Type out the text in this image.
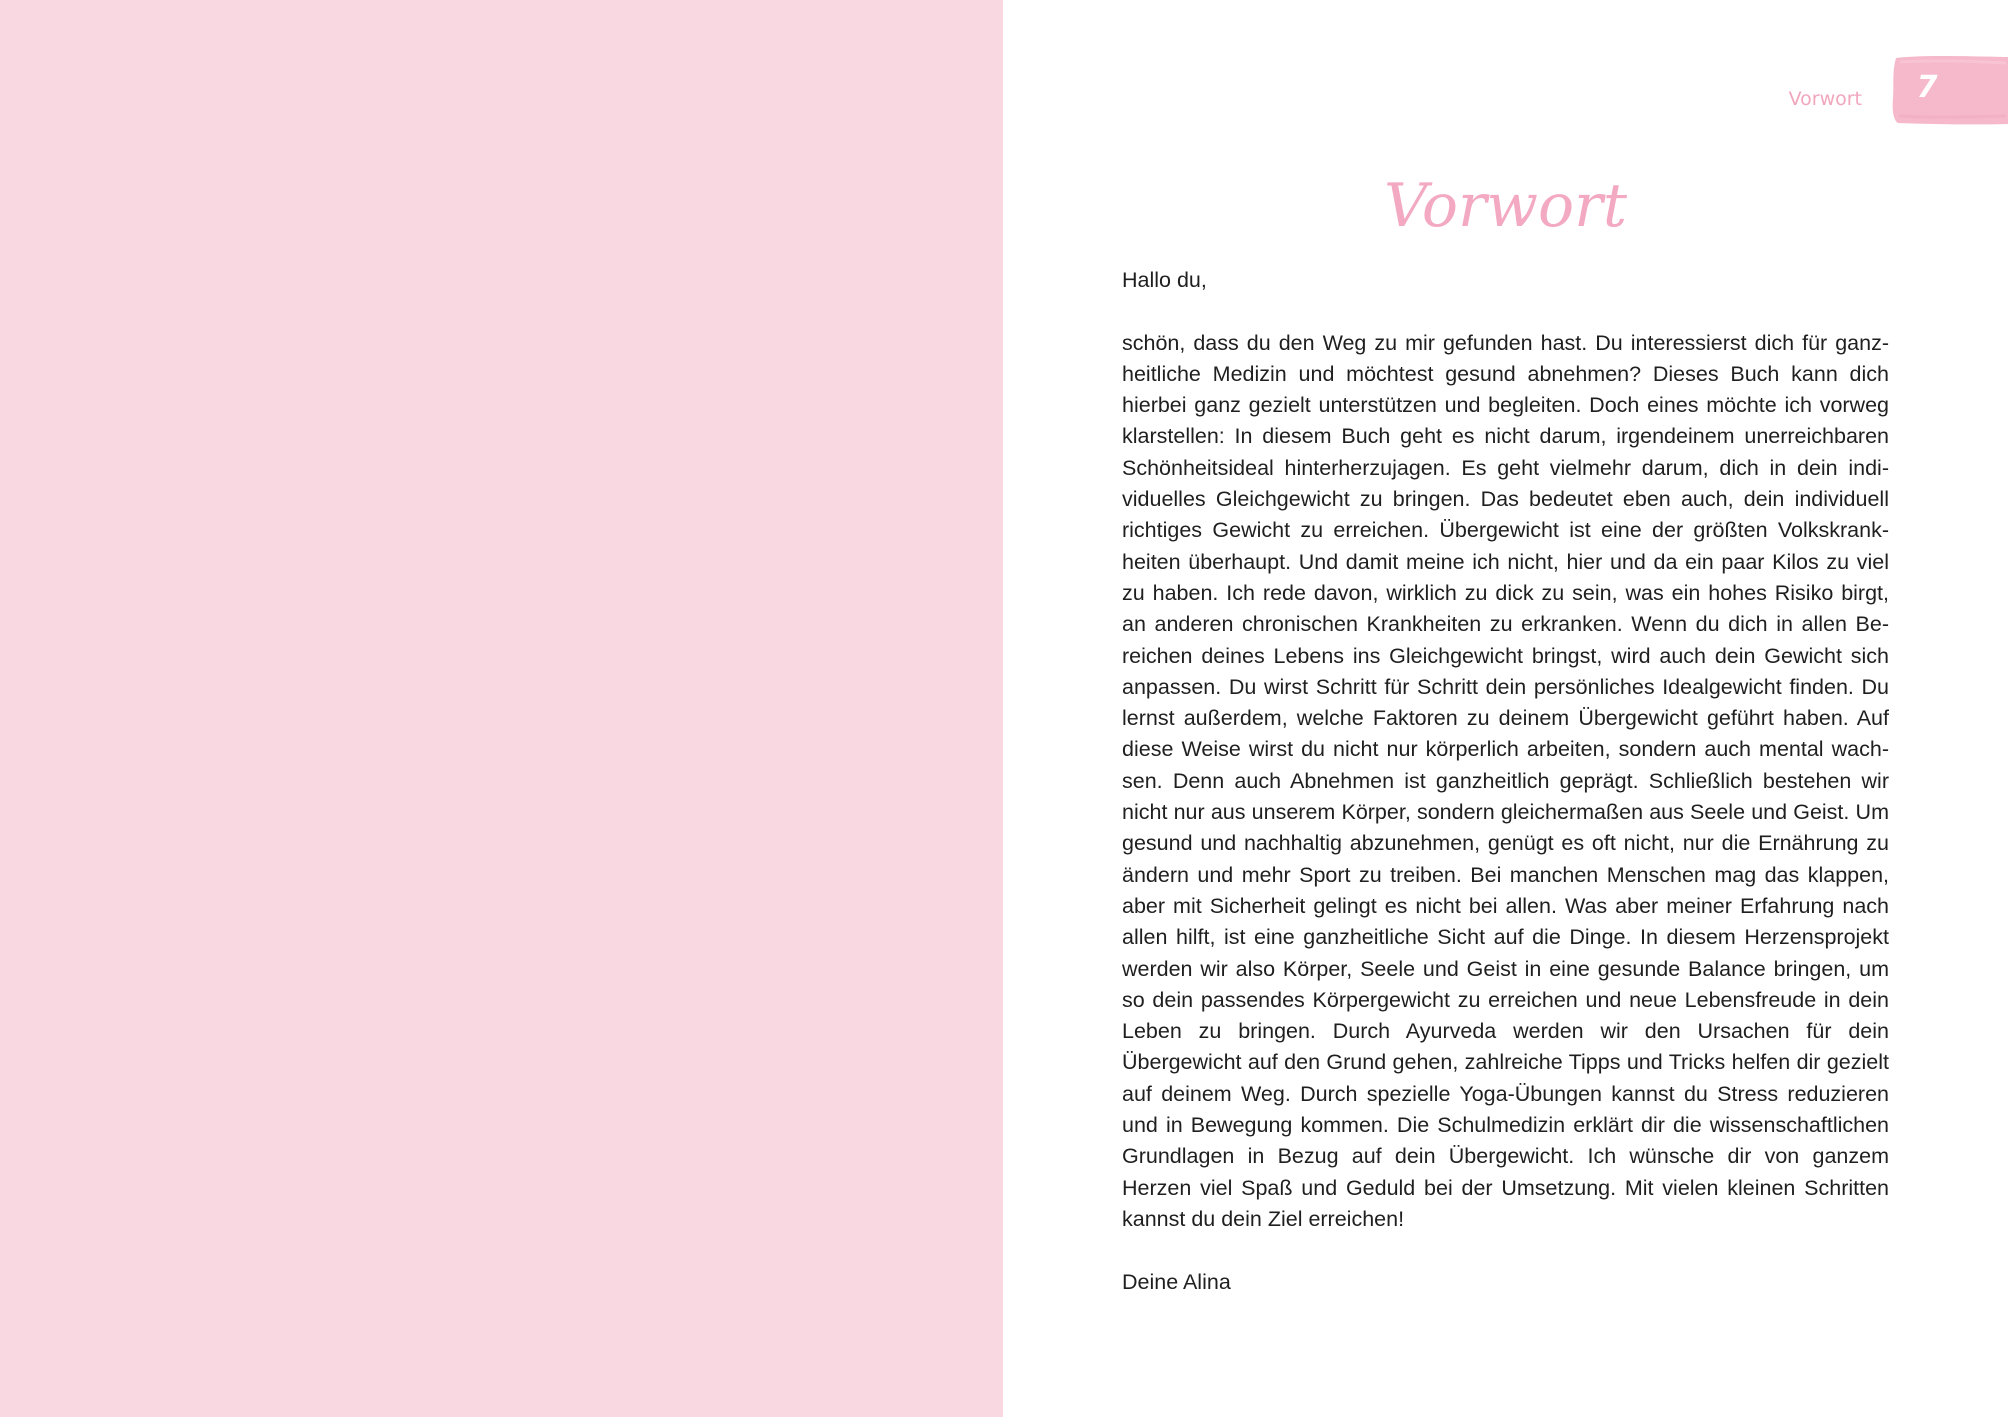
Vorwort	7
Vorwort

Hallo du,

schön, dass du den Weg zu mir gefunden hast. Du interessierst dich für ganzheitliche Medizin und möchtest gesund abnehmen? Dieses Buch kann dich hierbei ganz gezielt unterstützen und begleiten. Doch eines möchte ich vorweg klarstellen: In diesem Buch geht es nicht darum, irgendeinem unerreichbaren Schönheitsideal hinterherzujagen. Es geht vielmehr darum, dich in dein individuelles Gleichgewicht zu bringen. Das bedeutet eben auch, dein individuell richtiges Gewicht zu erreichen. Übergewicht ist eine der größten Volkskrankheiten überhaupt. Und damit meine ich nicht, hier und da ein paar Kilos zu viel zu haben. Ich rede davon, wirklich zu dick zu sein, was ein hohes Risiko birgt, an anderen chronischen Krankheiten zu erkranken. Wenn du dich in allen Bereichen deines Lebens ins Gleichgewicht bringst, wird auch dein Gewicht sich anpassen. Du wirst Schritt für Schritt dein persönliches Idealgewicht finden. Du lernst außerdem, welche Faktoren zu deinem Übergewicht geführt haben. Auf diese Weise wirst du nicht nur körperlich arbeiten, sondern auch mental wachsen. Denn auch Abnehmen ist ganzheitlich geprägt. Schließlich bestehen wir nicht nur aus unserem Körper, sondern gleichermaßen aus Seele und Geist. Um gesund und nachhaltig abzunehmen, genügt es oft nicht, nur die Ernährung zu ändern und mehr Sport zu treiben. Bei manchen Menschen mag das klappen, aber mit Sicherheit gelingt es nicht bei allen. Was aber meiner Erfahrung nach allen hilft, ist eine ganzheitliche Sicht auf die Dinge. In diesem Herzensprojekt werden wir also Körper, Seele und Geist in eine gesunde Balance bringen, um so dein passendes Körpergewicht zu erreichen und neue Lebensfreude in dein Leben zu bringen. Durch Ayurveda werden wir den Ursachen für dein Übergewicht auf den Grund gehen, zahlreiche Tipps und Tricks helfen dir gezielt auf deinem Weg. Durch spezielle Yoga-Übungen kannst du Stress reduzieren und in Bewegung kommen. Die Schulmedizin erklärt dir die wissenschaftlichen Grundlagen in Bezug auf dein Übergewicht. Ich wünsche dir von ganzem Herzen viel Spaß und Geduld bei der Umsetzung. Mit vielen kleinen Schritten kannst du dein Ziel erreichen!

Deine Alina
